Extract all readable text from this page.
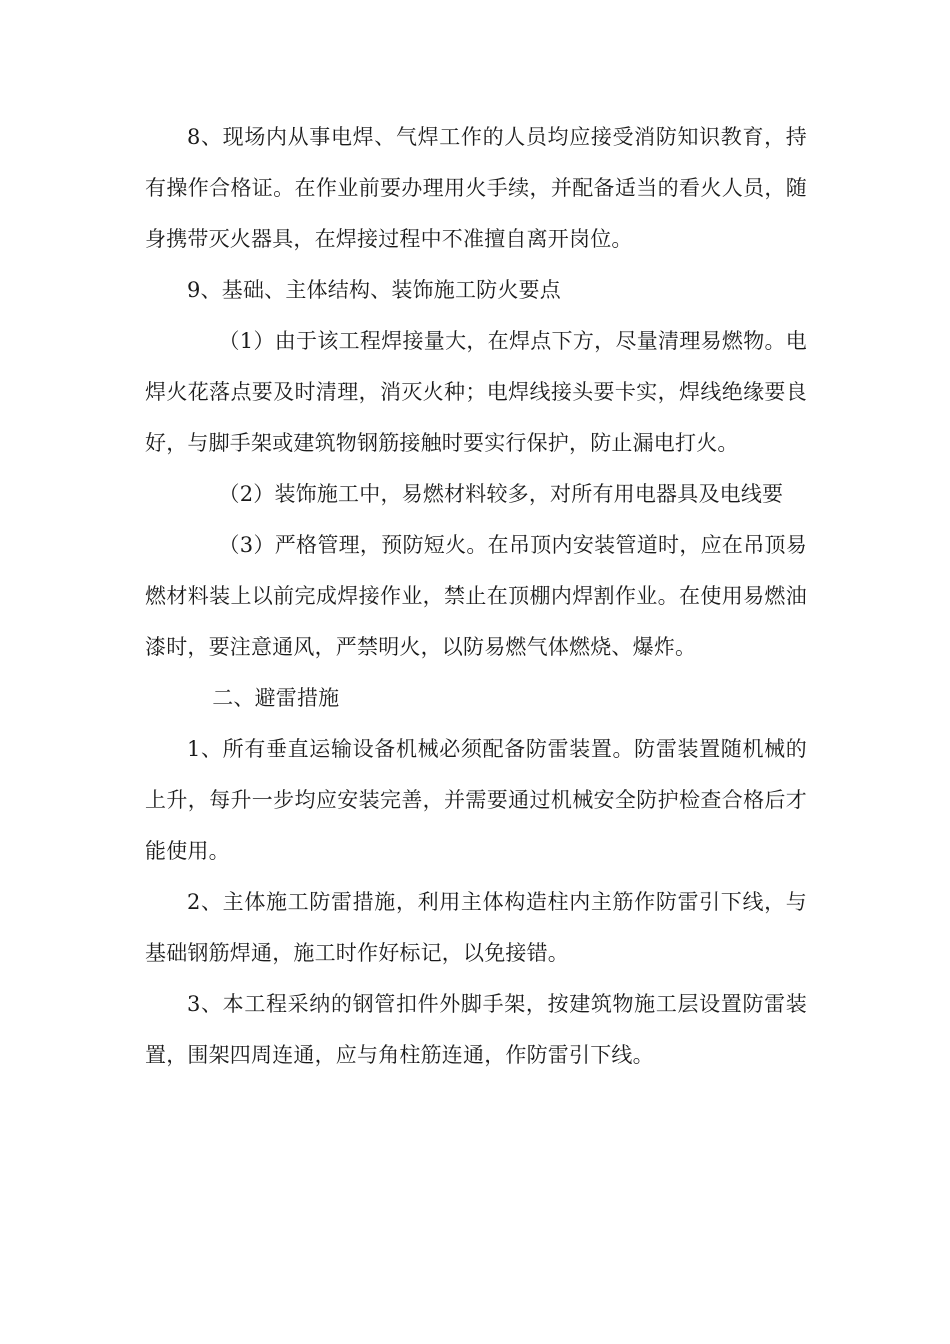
8、现场内从事电焊、气焊工作的人员均应接受消防知识教育，持有操作合格证。在作业前要办理用火手续，并配备适当的看火人员，随身携带灭火器具，在焊接过程中不准擅自离开岗位。

9、基础、主体结构、装饰施工防火要点

（1）由于该工程焊接量大，在焊点下方，尽量清理易燃物。电焊火花落点要及时清理，消灭火种；电焊线接头要卡实，焊线绝缘要良好，与脚手架或建筑物钢筋接触时要实行保护，防止漏电打火。

（2）装饰施工中，易燃材料较多，对所有用电器具及电线要

（3）严格管理，预防短火。在吊顶内安装管道时，应在吊顶易燃材料装上以前完成焊接作业，禁止在顶棚内焊割作业。在使用易燃油漆时，要注意通风，严禁明火，以防易燃气体燃烧、爆炸。

二、避雷措施

1、所有垂直运输设备机械必须配备防雷装置。防雷装置随机械的上升，每升一步均应安装完善，并需要通过机械安全防护检查合格后才能使用。

2、主体施工防雷措施，利用主体构造柱内主筋作防雷引下线，与基础钢筋焊通，施工时作好标记，以免接错。

3、本工程采纳的钢管扣件外脚手架，按建筑物施工层设置防雷装置，围架四周连通，应与角柱筋连通，作防雷引下线。
